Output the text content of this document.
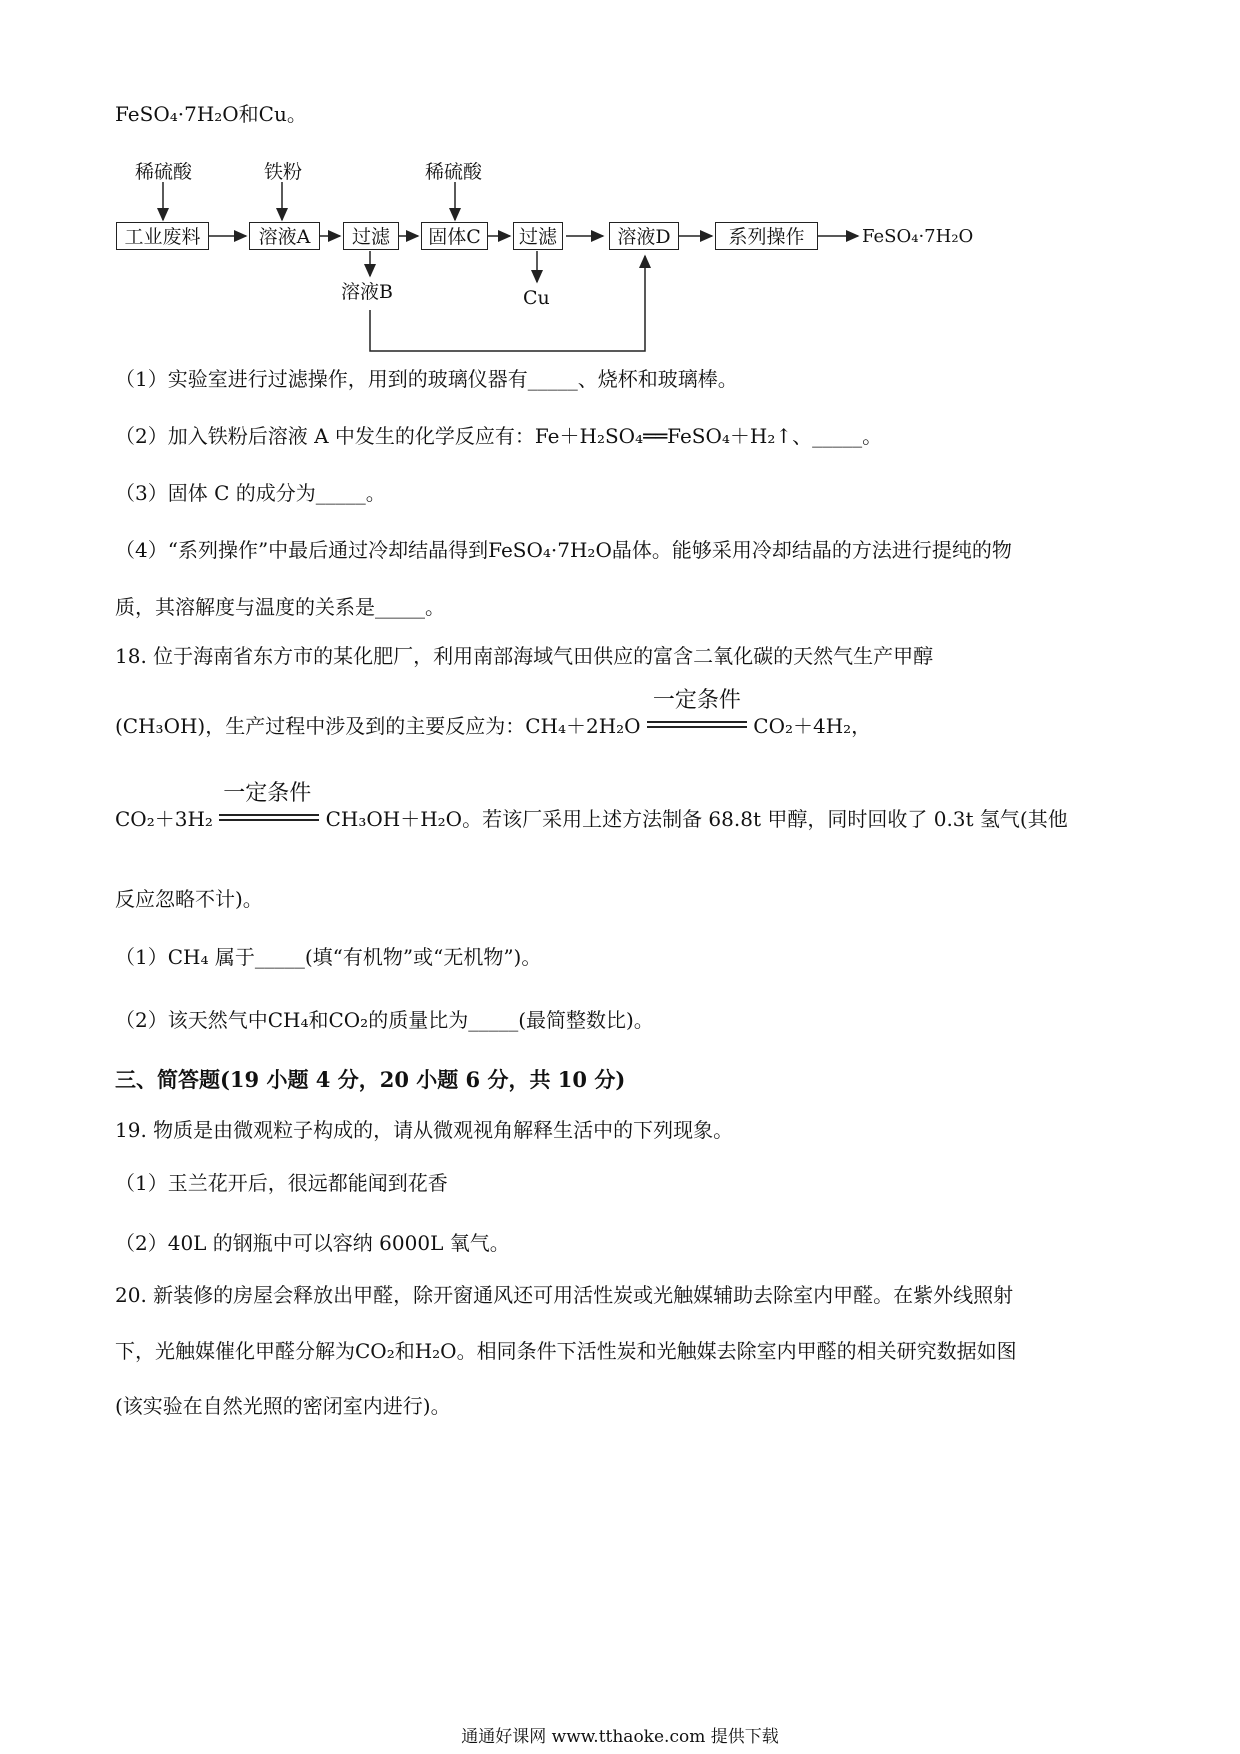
FeSO₄·7H₂O和Cu。
稀硫酸	铁粉	稀硫酸
工业废料	溶液A	过滤	固体C	过滤	溶液D	系列操作	FeSO₄·7H₂O
溶液B	Cu
（1）实验室进行过滤操作，用到的玻璃仪器有_____、烧杯和玻璃棒。
（2）加入铁粉后溶液 A 中发生的化学反应有：Fe＋H₂SO₄══FeSO₄＋H₂↑、_____。
（3）固体 C 的成分为_____。
（4）“系列操作”中最后通过冷却结晶得到FeSO₄·7H₂O晶体。能够采用冷却结晶的方法进行提纯的物
质，其溶解度与温度的关系是_____。
18. 位于海南省东方市的某化肥厂，利用南部海域气田供应的富含二氧化碳的天然气生产甲醇
(CH₃OH)，生产过程中涉及到的主要反应为：CH₄＋2H₂O
一定条件
CO₂＋4H₂，
CO₂＋3H₂
一定条件
CH₃OH＋H₂O。若该厂采用上述方法制备 68.8t 甲醇，同时回收了 0.3t 氢气(其他
反应忽略不计)。
（1）CH₄ 属于_____(填“有机物”或“无机物”)。
（2）该天然气中CH₄和CO₂的质量比为_____(最简整数比)。
三、简答题(19 小题 4 分，20 小题 6 分，共 10 分)
19. 物质是由微观粒子构成的，请从微观视角解释生活中的下列现象。
（1）玉兰花开后，很远都能闻到花香
（2）40L 的钢瓶中可以容纳 6000L 氧气。
20. 新装修的房屋会释放出甲醛，除开窗通风还可用活性炭或光触媒辅助去除室内甲醛。在紫外线照射
下，光触媒催化甲醛分解为CO₂和H₂O。相同条件下活性炭和光触媒去除室内甲醛的相关研究数据如图
(该实验在自然光照的密闭室内进行)。
通通好课网 www.tthaoke.com 提供下载
